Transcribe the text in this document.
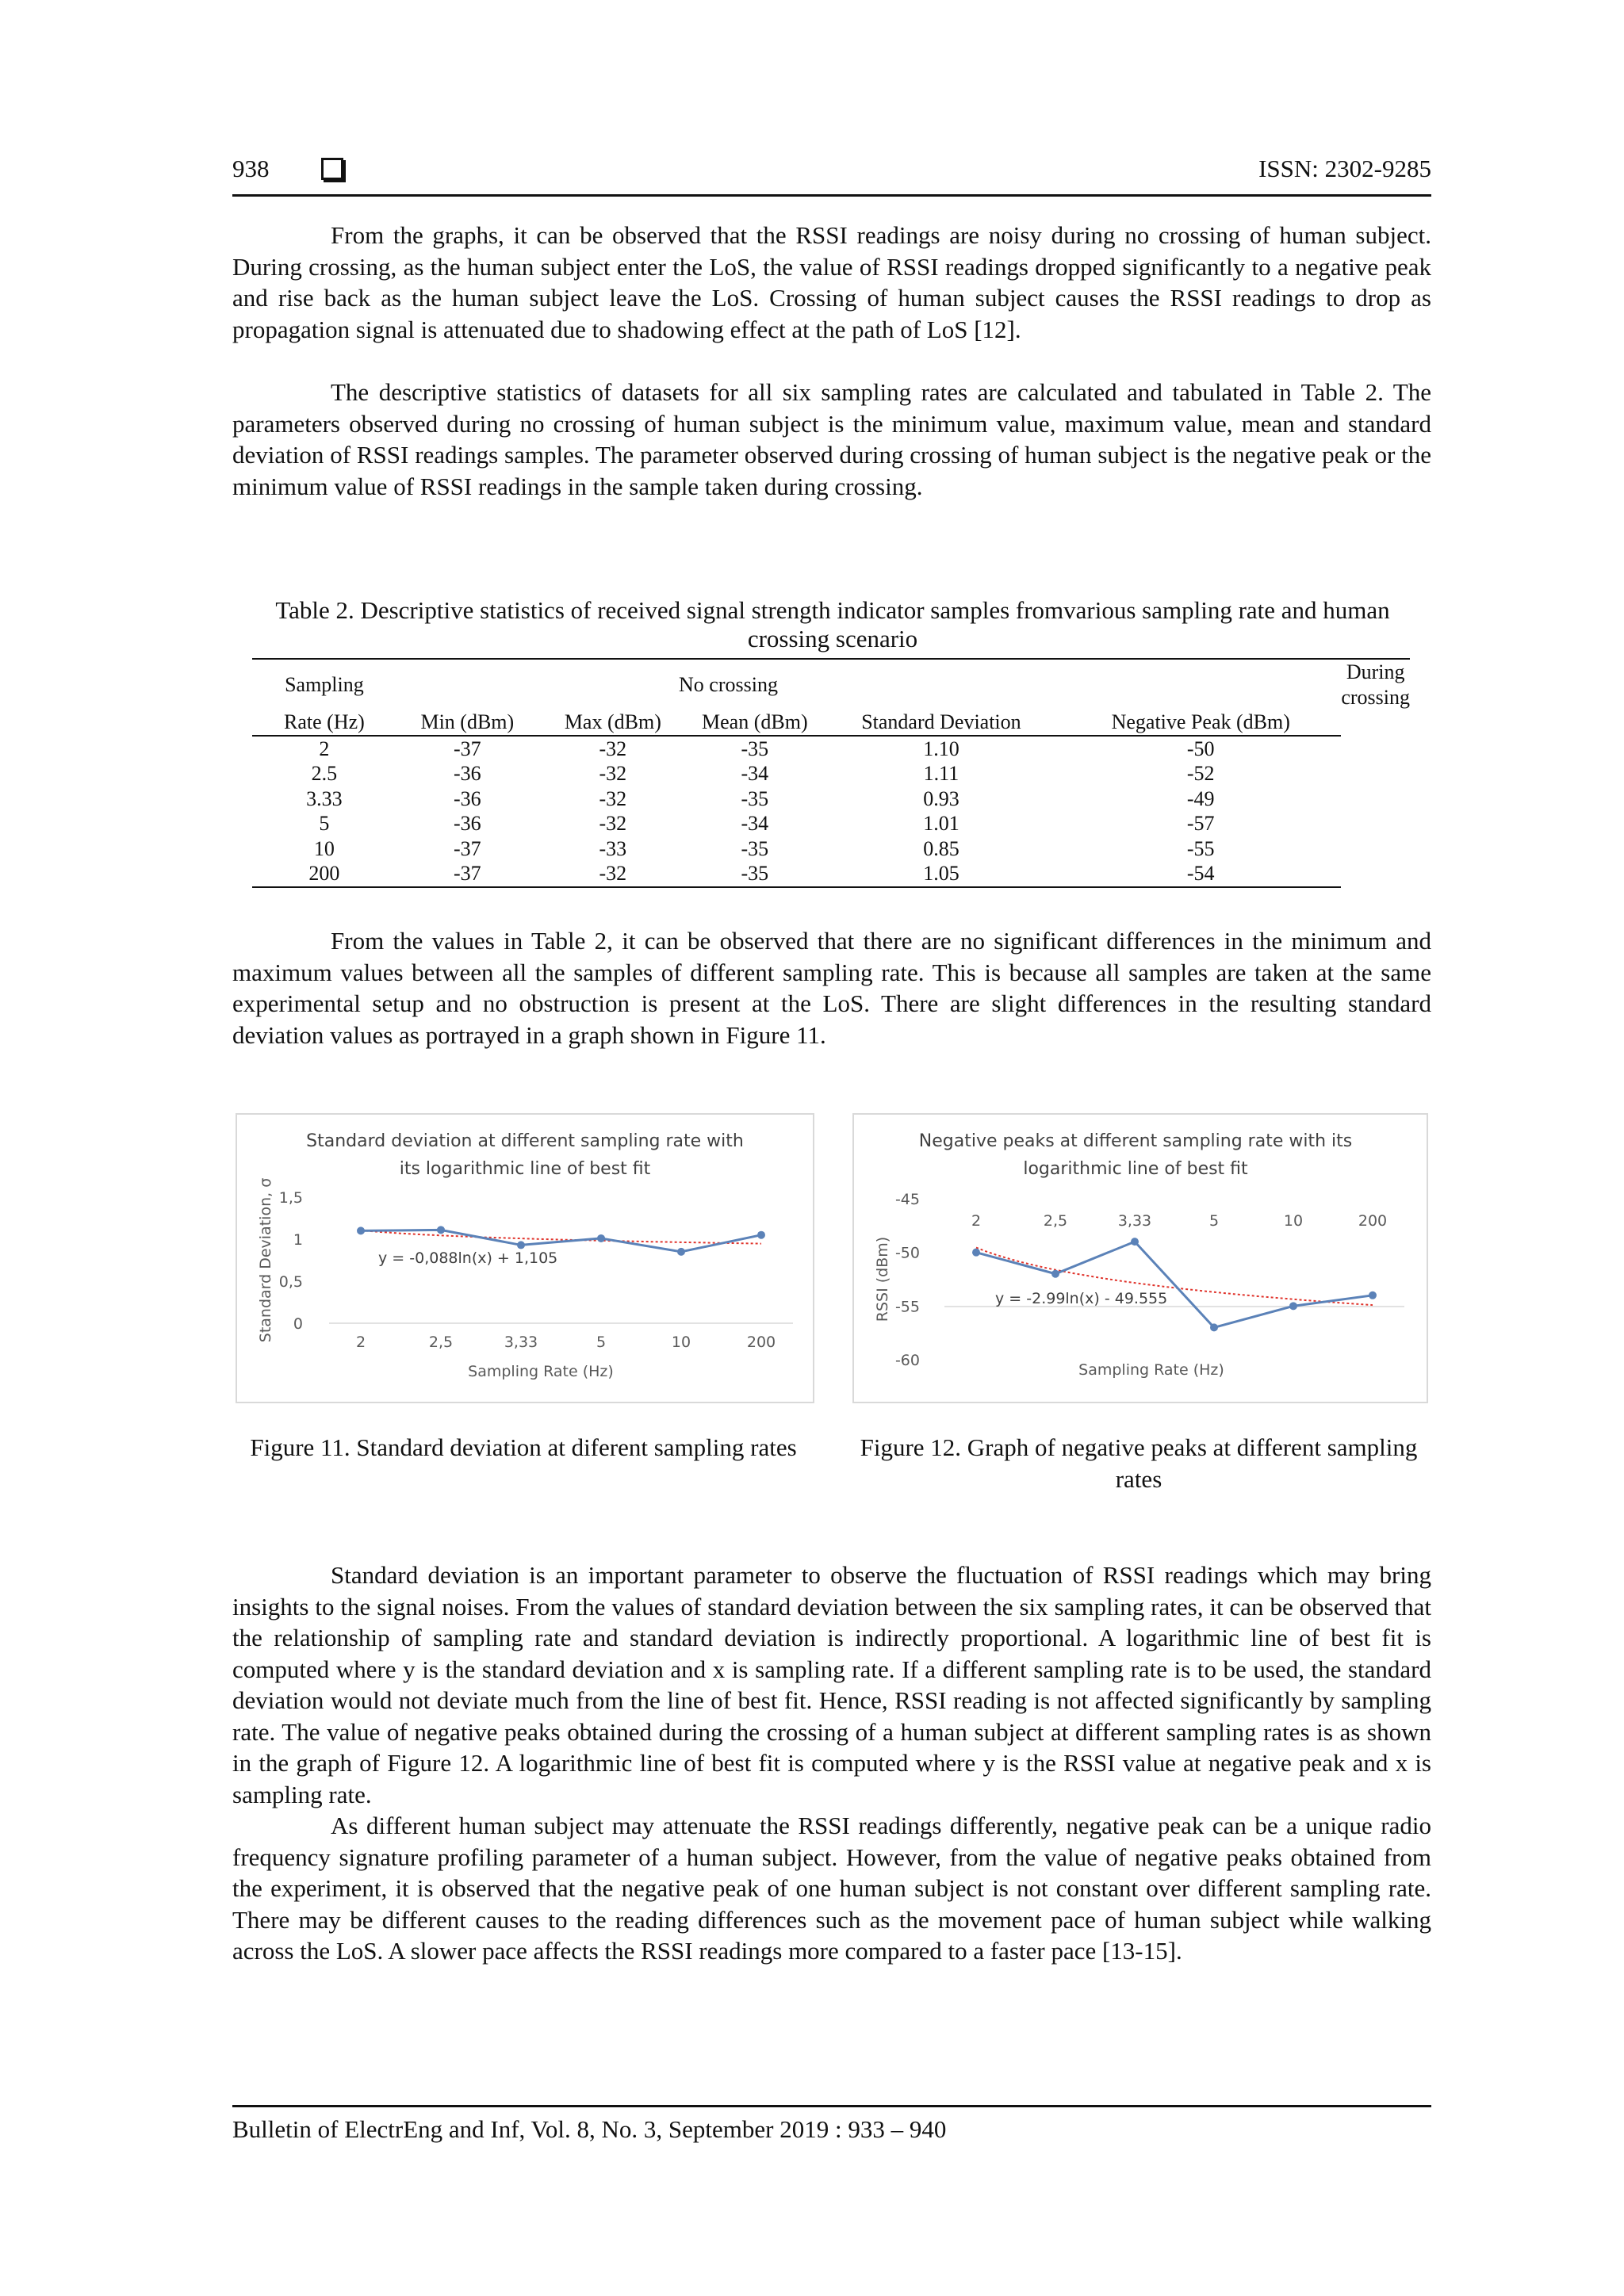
938	ISSN: 2302-9285

From the graphs, it can be observed that the RSSI readings are noisy during no crossing of human subject. During crossing, as the human subject enter the LoS, the value of RSSI readings dropped significantly to a negative peak and rise back as the human subject leave the LoS. Crossing of human subject causes the RSSI readings to drop as propagation signal is attenuated due to shadowing effect at the path of LoS [12].

The descriptive statistics of datasets for all six sampling rates are calculated and tabulated in Table 2. The parameters observed during no crossing of human subject is the minimum value, maximum value, mean and standard deviation of RSSI readings samples. The parameter observed during crossing of human subject is the negative peak or the minimum value of RSSI readings in the sample taken during crossing.

Table 2. Descriptive statistics of received signal strength indicator samples fromvarious sampling rate and human crossing scenario
Sampling	No crossing					During crossing
Rate (Hz)	Min (dBm)	Max (dBm)	Mean (dBm)	Standard Deviation	Negative Peak (dBm)	
2	-37	-32	-35	1.10	-50	
2.5	-36	-32	-34	1.11	-52	
3.33	-36	-32	-35	0.93	-49	
5	-36	-32	-34	1.01	-57	
10	-37	-33	-35	0.85	-55	
200	-37	-32	-35	1.05	-54	

From the values in Table 2, it can be observed that there are no significant differences in the minimum and maximum values between all the samples of different sampling rate. This is because all samples are taken at the same experimental setup and no obstruction is present at the LoS. There are slight differences in the resulting standard deviation values as portrayed in a graph shown in Figure 11.

Standard deviation at different sampling rate with
its logarithmic line of best fit
0
0,5
1
1,5
2	2,5	3,33	5	10	200
Sampling Rate (Hz)
Standard Deviation, σ	y = -0,088ln(x) + 1,105
Negative peaks at different sampling rate with its
logarithmic line of best fit
-45
-50
-55
-60
2	2,5	3,33	5	10	200
Sampling Rate (Hz)
RSSI (dBm)	y = -2.99ln(x) - 49.555
Figure 11. Standard deviation at diferent sampling rates	Figure 12. Graph of negative peaks at different sampling rates

Standard deviation is an important parameter to observe the fluctuation of RSSI readings which may bring insights to the signal noises. From the values of standard deviation between the six sampling rates, it can be observed that the relationship of sampling rate and standard deviation is indirectly proportional. A logarithmic line of best fit is computed where y is the standard deviation and x is sampling rate. If a different sampling rate is to be used, the standard deviation would not deviate much from the line of best fit. Hence, RSSI reading is not affected significantly by sampling rate. The value of negative peaks obtained during the crossing of a human subject at different sampling rates is as shown in the graph of Figure 12. A logarithmic line of best fit is computed where y is the RSSI value at negative peak and x is sampling rate.

As different human subject may attenuate the RSSI readings differently, negative peak can be a unique radio frequency signature profiling parameter of a human subject. However, from the value of negative peaks obtained from the experiment, it is observed that the negative peak of one human subject is not constant over different sampling rate. There may be different causes to the reading differences such as the movement pace of human subject while walking across the LoS. A slower pace affects the RSSI readings more compared to a faster pace [13-15].

Bulletin of ElectrEng and Inf, Vol. 8, No. 3, September 2019 : 933 – 940
